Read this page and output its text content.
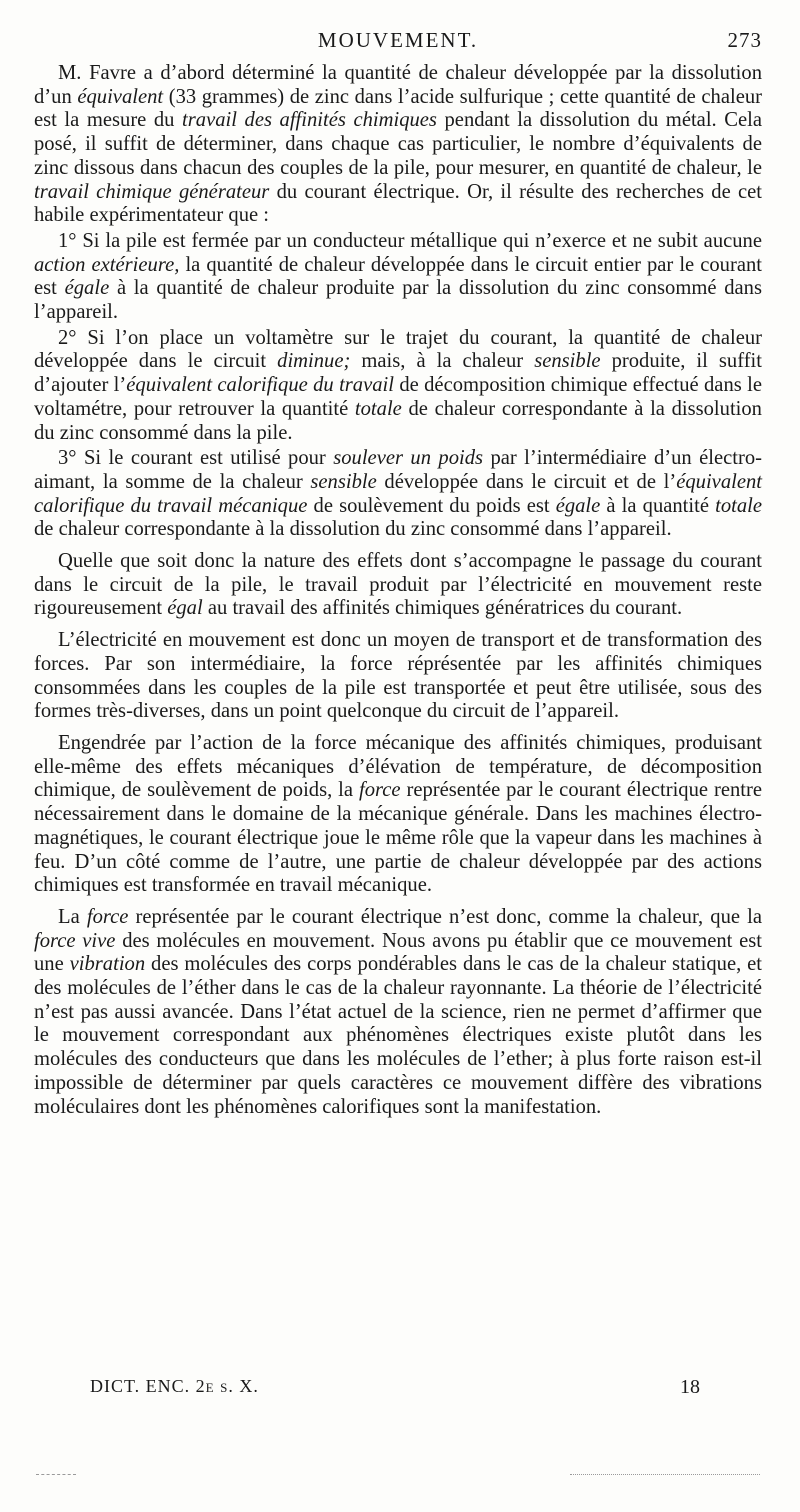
MOUVEMENT.	273

M. Favre a d’abord déterminé la quantité de chaleur développée par la dissolution d’un équivalent (33 grammes) de zinc dans l’acide sulfurique ; cette quantité de chaleur est la mesure du travail des affinités chimiques pendant la dissolution du métal. Cela posé, il suffit de déterminer, dans chaque cas particulier, le nombre d’équivalents de zinc dissous dans chacun des couples de la pile, pour mesurer, en quantité de chaleur, le travail chimique générateur du courant électrique. Or, il résulte des recherches de cet habile expérimentateur que :

1° Si la pile est fermée par un conducteur métallique qui n’exerce et ne subit aucune action extérieure, la quantité de chaleur développée dans le circuit entier par le courant est égale à la quantité de chaleur produite par la dissolution du zinc consommé dans l’appareil.

2° Si l’on place un voltamètre sur le trajet du courant, la quantité de chaleur développée dans le circuit diminue; mais, à la chaleur sensible produite, il suffit d’ajouter l’équivalent calorifique du travail de décomposition chimique effectué dans le voltamétre, pour retrouver la quantité totale de chaleur correspondante à la dissolution du zinc consommé dans la pile.

3° Si le courant est utilisé pour soulever un poids par l’intermédiaire d’un électro-aimant, la somme de la chaleur sensible développée dans le circuit et de l’équivalent calorifique du travail mécanique de soulèvement du poids est égale à la quantité totale de chaleur correspondante à la dissolution du zinc consommé dans l’appareil.

Quelle que soit donc la nature des effets dont s’accompagne le passage du courant dans le circuit de la pile, le travail produit par l’électricité en mouvement reste rigoureusement égal au travail des affinités chimiques génératrices du courant.

L’électricité en mouvement est donc un moyen de transport et de transformation des forces. Par son intermédiaire, la force réprésentée par les affinités chimiques consommées dans les couples de la pile est transportée et peut être utilisée, sous des formes très-diverses, dans un point quelconque du circuit de l’appareil.

Engendrée par l’action de la force mécanique des affinités chimiques, produisant elle-même des effets mécaniques d’élévation de température, de décomposition chimique, de soulèvement de poids, la force représentée par le courant électrique rentre nécessairement dans le domaine de la mécanique générale. Dans les machines électro-magnétiques, le courant électrique joue le même rôle que la vapeur dans les machines à feu. D’un côté comme de l’autre, une partie de chaleur développée par des actions chimiques est transformée en travail mécanique.

La force représentée par le courant électrique n’est donc, comme la chaleur, que la force vive des molécules en mouvement. Nous avons pu établir que ce mouvement est une vibration des molécules des corps pondérables dans le cas de la chaleur statique, et des molécules de l’éther dans le cas de la chaleur rayonnante. La théorie de l’électricité n’est pas aussi avancée. Dans l’état actuel de la science, rien ne permet d’affirmer que le mouvement correspondant aux phénomènes électriques existe plutôt dans les molécules des conducteurs que dans les molécules de l’ether; à plus forte raison est-il impossible de déterminer par quels caractères ce mouvement diffère des vibrations moléculaires dont les phénomènes calorifiques sont la manifestation.

DICT. ENC. 2e s. X.	18
